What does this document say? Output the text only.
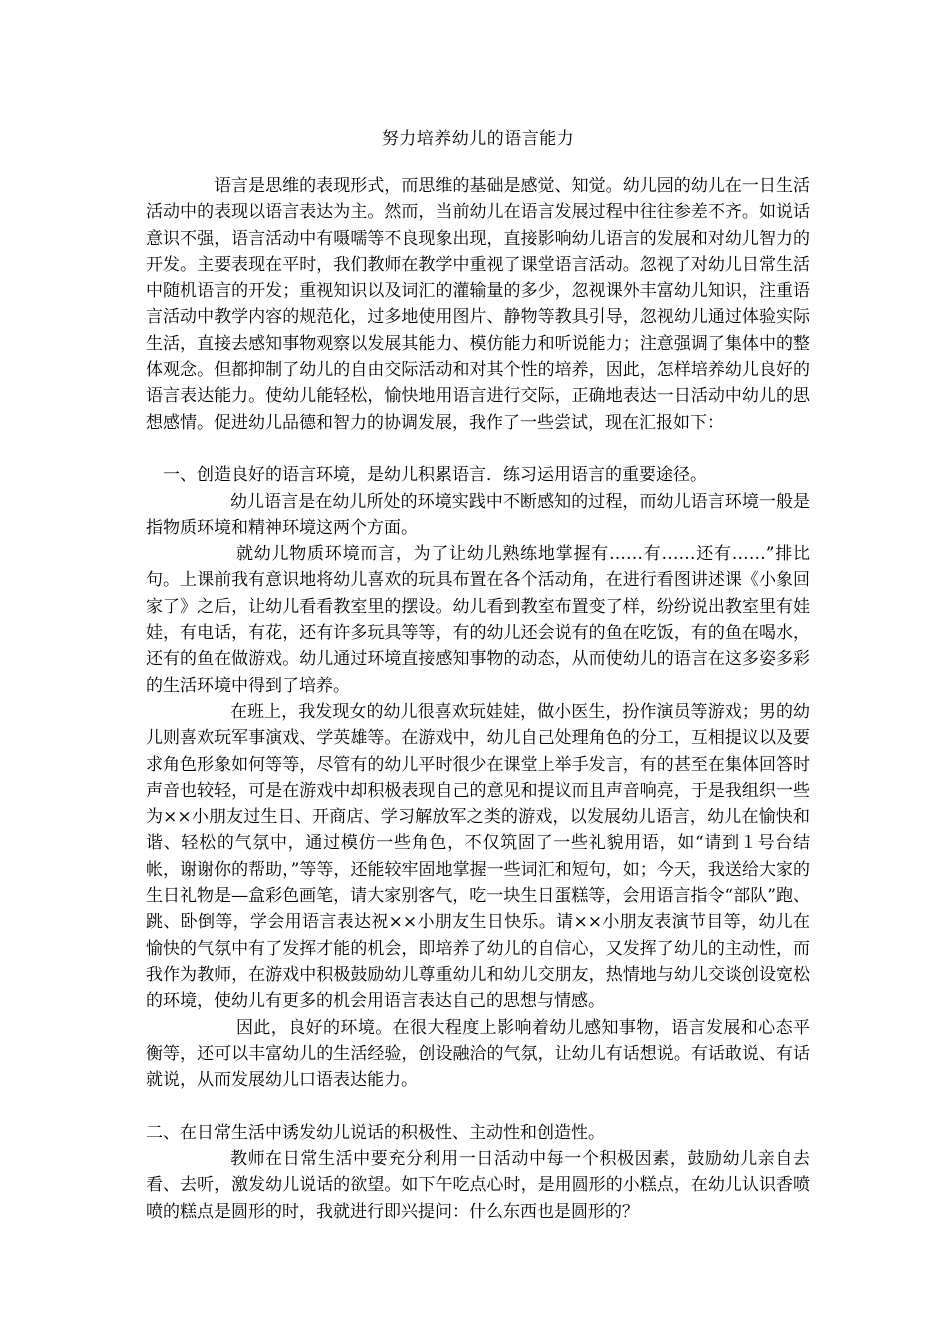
努力培养幼儿的语言能力

语言是思维的表现形式，而思维的基础是感觉、知觉。幼儿园的幼儿在一日生活活动中的表现以语言表达为主。然而，当前幼儿在语言发展过程中往往参差不齐。如说话意识不强，语言活动中有嗫嚅等不良现象出现，直接影响幼儿语言的发展和对幼儿智力的开发。主要表现在平时，我们教师在教学中重视了课堂语言活动。忽视了对幼儿日常生活中随机语言的开发；重视知识以及词汇的灌输量的多少，忽视课外丰富幼儿知识，注重语言活动中教学内容的规范化，过多地使用图片、静物等教具引导，忽视幼儿通过体验实际生活，直接去感知事物观察以发展其能力、模仿能力和听说能力；注意强调了集体中的整体观念。但都抑制了幼儿的自由交际活动和对其个性的培养，因此，怎样培养幼儿良好的语言表达能力。使幼儿能轻松，愉快地用语言进行交际，正确地表达一日活动中幼儿的思想感情。促进幼儿品德和智力的协调发展，我作了一些尝试，现在汇报如下：

一、创造良好的语言环境，是幼儿积累语言．练习运用语言的重要途径。

幼儿语言是在幼儿所处的环境实践中不断感知的过程，而幼儿语言环境一般是指物质环境和精神环境这两个方面。

就幼儿物质环境而言，为了让幼儿熟练地掌握有……有……还有……”排比句。上课前我有意识地将幼儿喜欢的玩具布置在各个活动角，在进行看图讲述课《小象回家了》之后，让幼儿看看教室里的摆设。幼儿看到教室布置变了样，纷纷说出教室里有娃娃，有电话，有花，还有许多玩具等等，有的幼儿还会说有的鱼在吃饭，有的鱼在喝水，还有的鱼在做游戏。幼儿通过环境直接感知事物的动态，从而使幼儿的语言在这多姿多彩的生活环境中得到了培养。

在班上，我发现女的幼儿很喜欢玩娃娃，做小医生，扮作演员等游戏；男的幼儿则喜欢玩军事演戏、学英雄等。在游戏中，幼儿自己处理角色的分工，互相提议以及要求角色形象如何等等，尽管有的幼儿平时很少在课堂上举手发言，有的甚至在集体回答时声音也较轻，可是在游戏中却积极表现自己的意见和提议而且声音响亮，于是我组织一些为××小朋友过生日、开商店、学习解放军之类的游戏，以发展幼儿语言，幼儿在愉快和谐、轻松的气氛中，通过模仿一些角色，不仅筑固了一些礼貌用语，如“请到１号台结帐，谢谢你的帮助，”等等，还能较牢固地掌握一些词汇和短句，如；今天，我送给大家的生日礼物是—盒彩色画笔，请大家别客气，吃一块生日蛋糕等，会用语言指令“部队”跑、跳、卧倒等，学会用语言表达祝××小朋友生日快乐。请××小朋友表演节目等，幼儿在愉快的气氛中有了发挥才能的机会，即培养了幼儿的自信心，又发挥了幼儿的主动性，而我作为教师，在游戏中积极鼓励幼儿尊重幼儿和幼儿交朋友，热情地与幼儿交谈创设宽松的环境，使幼儿有更多的机会用语言表达自己的思想与情感。

因此，良好的环境。在很大程度上影响着幼儿感知事物，语言发展和心态平衡等，还可以丰富幼儿的生活经验，创设融洽的气氛，让幼儿有话想说。有话敢说、有话就说，从而发展幼儿口语表达能力。

二、在日常生活中诱发幼儿说话的积极性、主动性和创造性。

教师在日常生活中要充分利用一日活动中每一个积极因素，鼓励幼儿亲自去看、去听，激发幼儿说话的欲望。如下午吃点心时，是用圆形的小糕点，在幼儿认识香喷喷的糕点是圆形的时，我就进行即兴提问：什么东西也是圆形的？
